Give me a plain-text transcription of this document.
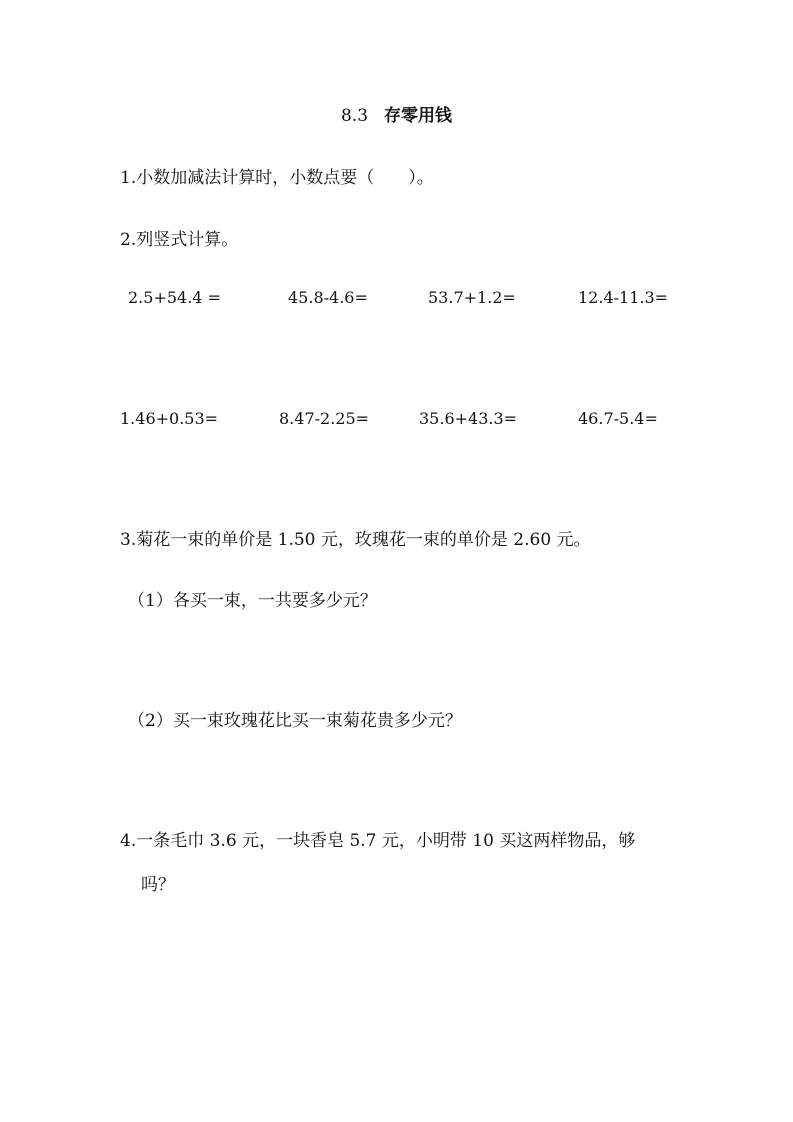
8.3 存零用钱
1.小数加减法计算时，小数点要（　　）。
2.列竖式计算。
2.5+54.4 =	45.8-4.6=	53.7+1.2=	12.4-11.3=
1.46+0.53=	8.47-2.25=	35.6+43.3=	46.7-5.4=
3.菊花一束的单价是 1.50 元，玫瑰花一束的单价是 2.60 元。
（1）各买一束，一共要多少元？
（2）买一束玫瑰花比买一束菊花贵多少元？
4.一条毛巾 3.6 元，一块香皂 5.7 元，小明带 10 买这两样物品，够
吗？
